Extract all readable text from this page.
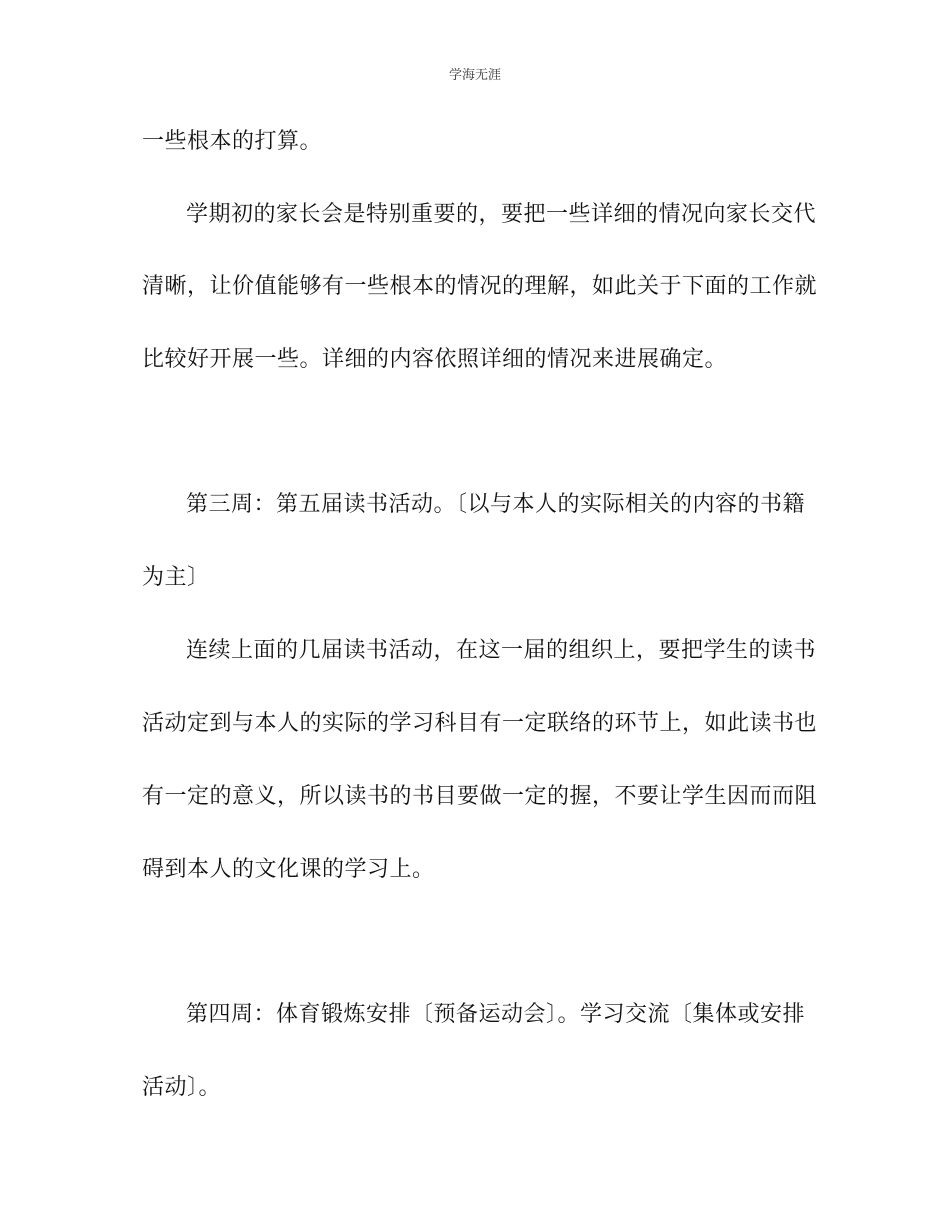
学海无涯
一些根本的打算。
学期初的家长会是特别重要的，要把一些详细的情况向家长交代
清晰，让价值能够有一些根本的情况的理解，如此关于下面的工作就
比较好开展一些。详细的内容依照详细的情况来进展确定。
第三周：第五届读书活动。〔以与本人的实际相关的内容的书籍
为主〕
连续上面的几届读书活动，在这一届的组织上，要把学生的读书
活动定到与本人的实际的学习科目有一定联络的环节上，如此读书也
有一定的意义，所以读书的书目要做一定的握，不要让学生因而而阻
碍到本人的文化课的学习上。
第四周：体育锻炼安排〔预备运动会〕。学习交流〔集体或安排
活动〕。
